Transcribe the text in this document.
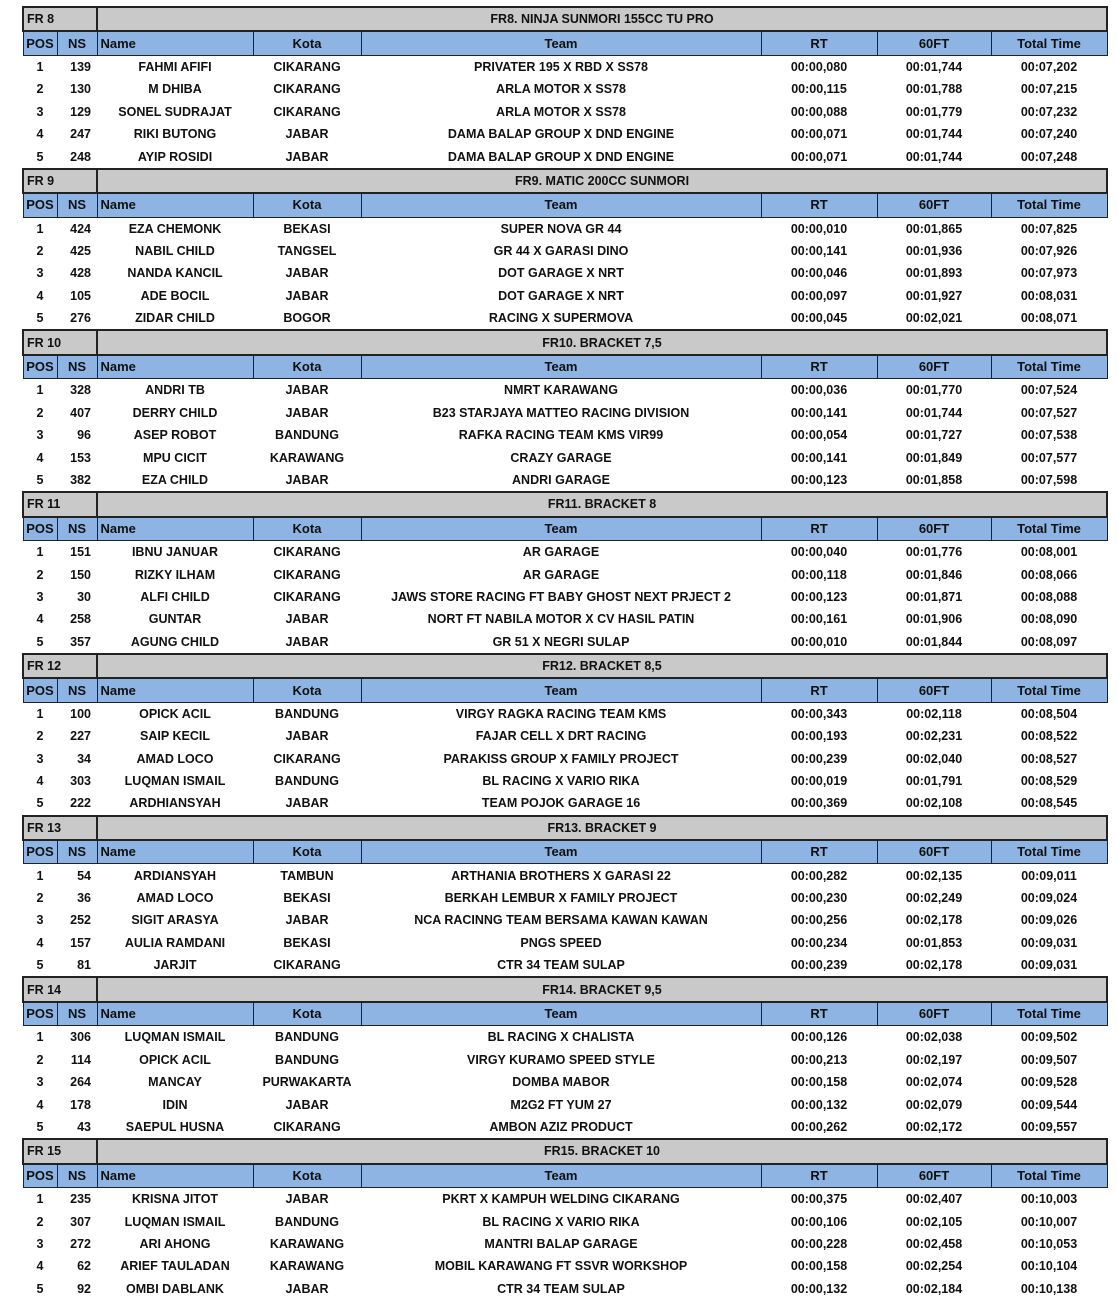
FR 8		FR8. NINJA SUNMORI 155CC TU PRO					
POS	NS	Name	Kota	Team	RT	60FT	Total Time
1	139	FAHMI AFIFI	CIKARANG	PRIVATER 195 X RBD X SS78	00:00,080	00:01,744	00:07,202
2	130	M DHIBA	CIKARANG	ARLA MOTOR X SS78	00:00,115	00:01,788	00:07,215
3	129	SONEL SUDRAJAT	CIKARANG	ARLA MOTOR X SS78	00:00,088	00:01,779	00:07,232
4	247	RIKI BUTONG	JABAR	DAMA BALAP GROUP X DND ENGINE	00:00,071	00:01,744	00:07,240
5	248	AYIP ROSIDI	JABAR	DAMA BALAP GROUP X DND ENGINE	00:00,071	00:01,744	00:07,248
FR 9		FR9. MATIC 200CC SUNMORI					
POS	NS	Name	Kota	Team	RT	60FT	Total Time
1	424	EZA CHEMONK	BEKASI	SUPER NOVA GR 44	00:00,010	00:01,865	00:07,825
2	425	NABIL CHILD	TANGSEL	GR 44 X GARASI DINO	00:00,141	00:01,936	00:07,926
3	428	NANDA KANCIL	JABAR	DOT GARAGE X NRT	00:00,046	00:01,893	00:07,973
4	105	ADE BOCIL	JABAR	DOT GARAGE X NRT	00:00,097	00:01,927	00:08,031
5	276	ZIDAR CHILD	BOGOR	RACING X SUPERMOVA	00:00,045	00:02,021	00:08,071
FR 10		FR10. BRACKET 7,5					
POS	NS	Name	Kota	Team	RT	60FT	Total Time
1	328	ANDRI TB	JABAR	NMRT KARAWANG	00:00,036	00:01,770	00:07,524
2	407	DERRY CHILD	JABAR	B23 STARJAYA MATTEO RACING DIVISION	00:00,141	00:01,744	00:07,527
3	96	ASEP ROBOT	BANDUNG	RAFKA RACING TEAM KMS VIR99	00:00,054	00:01,727	00:07,538
4	153	MPU CICIT	KARAWANG	CRAZY GARAGE	00:00,141	00:01,849	00:07,577
5	382	EZA CHILD	JABAR	ANDRI GARAGE	00:00,123	00:01,858	00:07,598
FR 11		FR11. BRACKET 8					
POS	NS	Name	Kota	Team	RT	60FT	Total Time
1	151	IBNU JANUAR	CIKARANG	AR GARAGE	00:00,040	00:01,776	00:08,001
2	150	RIZKY ILHAM	CIKARANG	AR GARAGE	00:00,118	00:01,846	00:08,066
3	30	ALFI CHILD	CIKARANG	JAWS STORE RACING FT BABY GHOST NEXT PRJECT 2	00:00,123	00:01,871	00:08,088
4	258	GUNTAR	JABAR	NORT FT NABILA MOTOR X CV HASIL PATIN	00:00,161	00:01,906	00:08,090
5	357	AGUNG CHILD	JABAR	GR 51 X NEGRI SULAP	00:00,010	00:01,844	00:08,097
FR 12		FR12. BRACKET 8,5					
POS	NS	Name	Kota	Team	RT	60FT	Total Time
1	100	OPICK ACIL	BANDUNG	VIRGY RAGKA RACING TEAM KMS	00:00,343	00:02,118	00:08,504
2	227	SAIP KECIL	JABAR	FAJAR CELL X DRT RACING	00:00,193	00:02,231	00:08,522
3	34	AMAD LOCO	CIKARANG	PARAKISS GROUP X FAMILY PROJECT	00:00,239	00:02,040	00:08,527
4	303	LUQMAN ISMAIL	BANDUNG	BL RACING X VARIO RIKA	00:00,019	00:01,791	00:08,529
5	222	ARDHIANSYAH	JABAR	TEAM POJOK GARAGE 16	00:00,369	00:02,108	00:08,545
FR 13		FR13. BRACKET 9					
POS	NS	Name	Kota	Team	RT	60FT	Total Time
1	54	ARDIANSYAH	TAMBUN	ARTHANIA BROTHERS X GARASI 22	00:00,282	00:02,135	00:09,011
2	36	AMAD LOCO	BEKASI	BERKAH LEMBUR X FAMILY PROJECT	00:00,230	00:02,249	00:09,024
3	252	SIGIT ARASYA	JABAR	NCA RACINNG TEAM BERSAMA KAWAN KAWAN	00:00,256	00:02,178	00:09,026
4	157	AULIA RAMDANI	BEKASI	PNGS SPEED	00:00,234	00:01,853	00:09,031
5	81	JARJIT	CIKARANG	CTR 34 TEAM SULAP	00:00,239	00:02,178	00:09,031
FR 14		FR14. BRACKET 9,5					
POS	NS	Name	Kota	Team	RT	60FT	Total Time
1	306	LUQMAN ISMAIL	BANDUNG	BL RACING X CHALISTA	00:00,126	00:02,038	00:09,502
2	114	OPICK ACIL	BANDUNG	VIRGY KURAMO SPEED STYLE	00:00,213	00:02,197	00:09,507
3	264	MANCAY	PURWAKARTA	DOMBA MABOR	00:00,158	00:02,074	00:09,528
4	178	IDIN	JABAR	M2G2 FT YUM 27	00:00,132	00:02,079	00:09,544
5	43	SAEPUL HUSNA	CIKARANG	AMBON AZIZ PRODUCT	00:00,262	00:02,172	00:09,557
FR 15		FR15. BRACKET 10					
POS	NS	Name	Kota	Team	RT	60FT	Total Time
1	235	KRISNA JITOT	JABAR	PKRT X KAMPUH WELDING CIKARANG	00:00,375	00:02,407	00:10,003
2	307	LUQMAN ISMAIL	BANDUNG	BL RACING X VARIO RIKA	00:00,106	00:02,105	00:10,007
3	272	ARI AHONG	KARAWANG	MANTRI BALAP GARAGE	00:00,228	00:02,458	00:10,053
4	62	ARIEF TAULADAN	KARAWANG	MOBIL KARAWANG FT SSVR WORKSHOP	00:00,158	00:02,254	00:10,104
5	92	OMBI DABLANK	JABAR	CTR 34 TEAM SULAP	00:00,132	00:02,184	00:10,138
